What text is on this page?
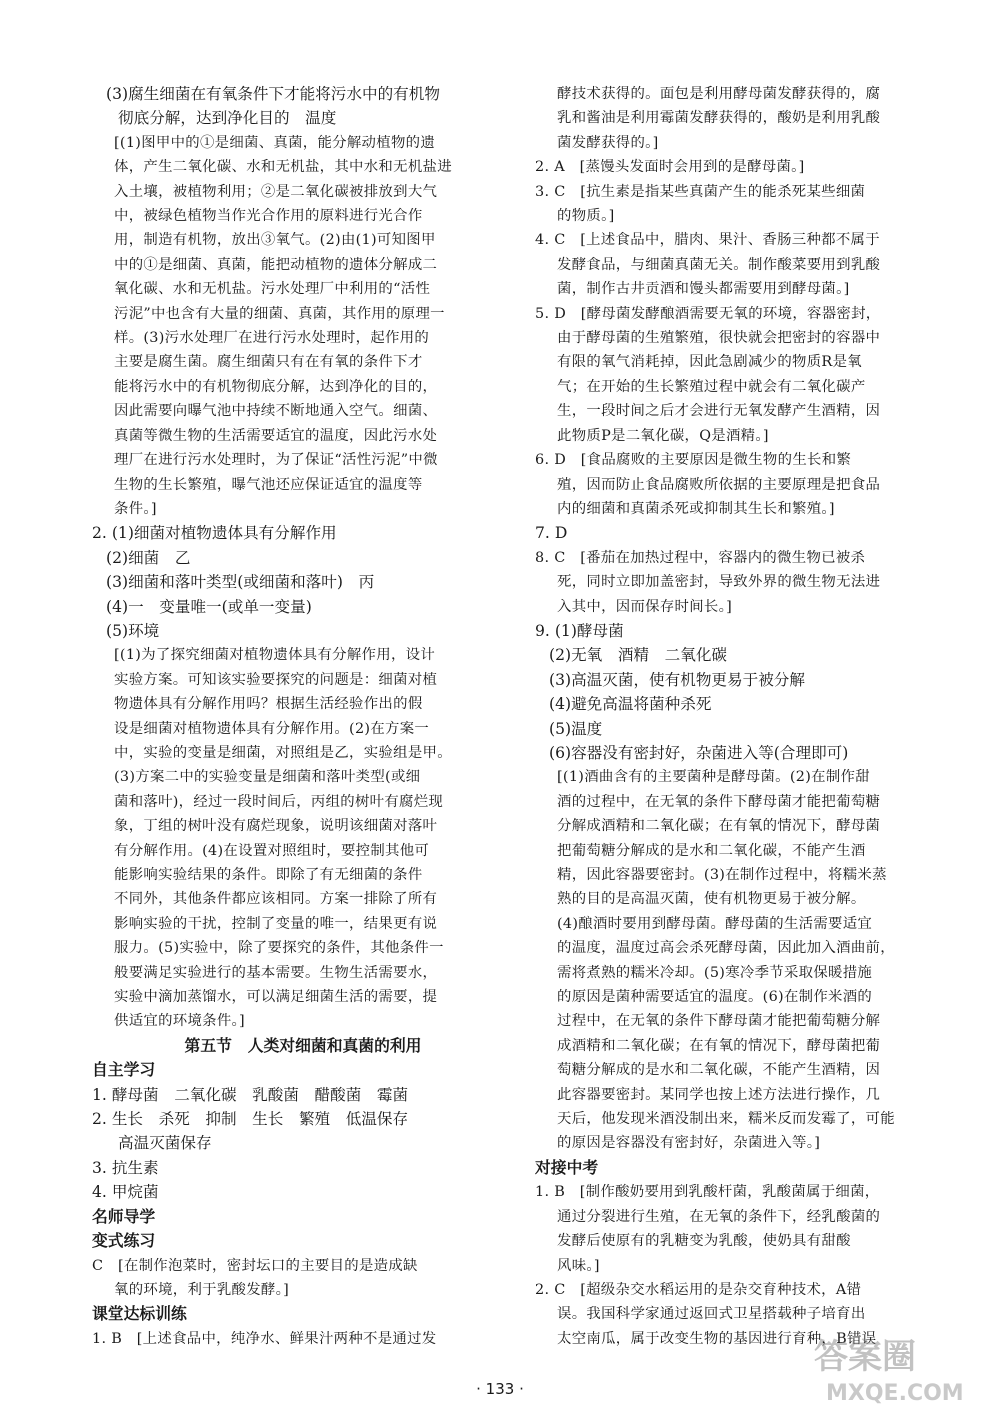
(3)腐生细菌在有氧条件下才能将污水中的有机物

彻底分解，达到净化目的　温度

[(1)图甲中的①是细菌、真菌，能分解动植物的遗

体，产生二氧化碳、水和无机盐，其中水和无机盐进

入土壤，被植物利用；②是二氧化碳被排放到大气

中，被绿色植物当作光合作用的原料进行光合作

用，制造有机物，放出③氧气。(2)由(1)可知图甲

中的①是细菌、真菌，能把动植物的遗体分解成二

氧化碳、水和无机盐。污水处理厂中利用的“活性

污泥”中也含有大量的细菌、真菌，其作用的原理一

样。(3)污水处理厂在进行污水处理时，起作用的

主要是腐生菌。腐生细菌只有在有氧的条件下才

能将污水中的有机物彻底分解，达到净化的目的，

因此需要向曝气池中持续不断地通入空气。细菌、

真菌等微生物的生活需要适宜的温度，因此污水处

理厂在进行污水处理时，为了保证“活性污泥”中微

生物的生长繁殖，曝气池还应保证适宜的温度等

条件。]

2. (1)细菌对植物遗体具有分解作用

(2)细菌　乙

(3)细菌和落叶类型(或细菌和落叶)　丙

(4)一　变量唯一(或单一变量)

(5)环境

[(1)为了探究细菌对植物遗体具有分解作用，设计

实验方案。可知该实验要探究的问题是：细菌对植

物遗体具有分解作用吗？根据生活经验作出的假

设是细菌对植物遗体具有分解作用。(2)在方案一

中，实验的变量是细菌，对照组是乙，实验组是甲。

(3)方案二中的实验变量是细菌和落叶类型(或细

菌和落叶)，经过一段时间后，丙组的树叶有腐烂现

象，丁组的树叶没有腐烂现象，说明该细菌对落叶

有分解作用。(4)在设置对照组时，要控制其他可

能影响实验结果的条件。即除了有无细菌的条件

不同外，其他条件都应该相同。方案一排除了所有

影响实验的干扰，控制了变量的唯一，结果更有说

服力。(5)实验中，除了要探究的条件，其他条件一

般要满足实验进行的基本需要。生物生活需要水，

实验中滴加蒸馏水，可以满足细菌生活的需要，提

供适宜的环境条件。]

第五节　人类对细菌和真菌的利用

自主学习

1. 酵母菌　二氧化碳　乳酸菌　醋酸菌　霉菌

2. 生长　杀死　抑制　生长　繁殖　低温保存

高温灭菌保存

3. 抗生素

4. 甲烷菌

名师导学

变式练习

C　[在制作泡菜时，密封坛口的主要目的是造成缺

氧的环境，利于乳酸发酵。]

课堂达标训练

1. B　[上述食品中，纯净水、鲜果汁两种不是通过发

酵技术获得的。面包是利用酵母菌发酵获得的，腐

乳和酱油是利用霉菌发酵获得的，酸奶是利用乳酸

菌发酵获得的。]

2. A　[蒸馒头发面时会用到的是酵母菌。]

3. C　[抗生素是指某些真菌产生的能杀死某些细菌

的物质。]

4. C　[上述食品中，腊肉、果汁、香肠三种都不属于

发酵食品，与细菌真菌无关。制作酸菜要用到乳酸

菌，制作古井贡酒和馒头都需要用到酵母菌。]

5. D　[酵母菌发酵酿酒需要无氧的环境，容器密封，

由于酵母菌的生殖繁殖，很快就会把密封的容器中

有限的氧气消耗掉，因此急剧减少的物质R是氧

气；在开始的生长繁殖过程中就会有二氧化碳产

生，一段时间之后才会进行无氧发酵产生酒精，因

此物质P是二氧化碳，Q是酒精。]

6. D　[食品腐败的主要原因是微生物的生长和繁

殖，因而防止食品腐败所依据的主要原理是把食品

内的细菌和真菌杀死或抑制其生长和繁殖。]

7. D

8. C　[番茄在加热过程中，容器内的微生物已被杀

死，同时立即加盖密封，导致外界的微生物无法进

入其中，因而保存时间长。]

9. (1)酵母菌

(2)无氧　酒精　二氧化碳

(3)高温灭菌，使有机物更易于被分解

(4)避免高温将菌种杀死

(5)温度

(6)容器没有密封好，杂菌进入等(合理即可)

[(1)酒曲含有的主要菌种是酵母菌。(2)在制作甜

酒的过程中，在无氧的条件下酵母菌才能把葡萄糖

分解成酒精和二氧化碳；在有氧的情况下，酵母菌

把葡萄糖分解成的是水和二氧化碳，不能产生酒

精，因此容器要密封。(3)在制作过程中，将糯米蒸

熟的目的是高温灭菌，使有机物更易于被分解。

(4)酿酒时要用到酵母菌。酵母菌的生活需要适宜

的温度，温度过高会杀死酵母菌，因此加入酒曲前，

需将煮熟的糯米冷却。(5)寒冷季节采取保暖措施

的原因是菌种需要适宜的温度。(6)在制作米酒的

过程中，在无氧的条件下酵母菌才能把葡萄糖分解

成酒精和二氧化碳；在有氧的情况下，酵母菌把葡

萄糖分解成的是水和二氧化碳，不能产生酒精，因

此容器要密封。某同学也按上述方法进行操作，几

天后，他发现米酒没制出来，糯米反而发霉了，可能

的原因是容器没有密封好，杂菌进入等。]

对接中考

1. B　[制作酸奶要用到乳酸杆菌，乳酸菌属于细菌，

通过分裂进行生殖，在无氧的条件下，经乳酸菌的

发酵后使原有的乳糖变为乳酸，使奶具有甜酸

风味。]

2. C　[超级杂交水稻运用的是杂交育种技术，A错

误。我国科学家通过返回式卫星搭载种子培育出

太空南瓜，属于改变生物的基因进行育种，B错误

· 133 ·
答案圈
MXQE.COM
